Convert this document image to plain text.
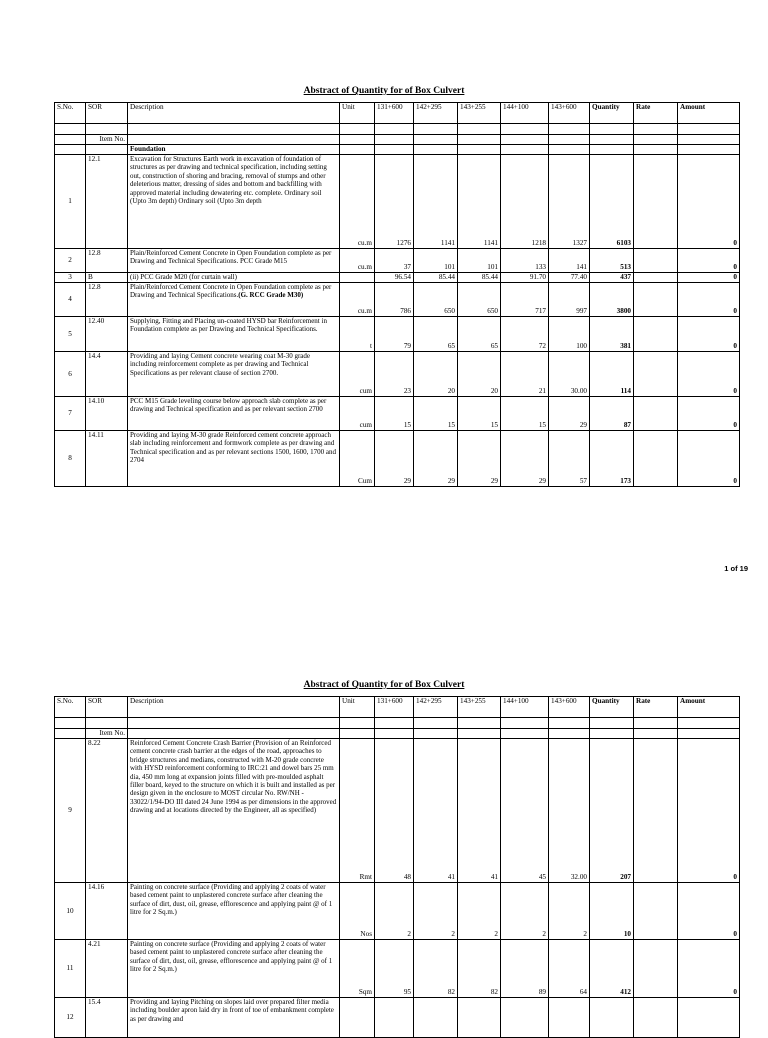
Abstract of Quantity for of Box Culvert
S.No.	SOR	Description	Unit	131+600	142+295	143+255	144+100	143+600	Quantity	Rate	Amount

	Item No.										
		Foundation									
1	12.1	Excavation for Structures Earth work in excavation of foundation of structures as per drawing and technical specification, including setting out, construction of shoring and bracing, removal of stumps and other deleterious matter, dressing of sides and bottom and backfilling with approved material including dewatering etc. complete. Ordinary soil (Upto 3m depth) Ordinary soil (Upto 3m depth	cu.m	1276	1141	1141	1218	1327	6103		0
2	12.8	Plain/Reinforced Cement Concrete in Open Foundation complete as per Drawing and Technical Specifications. PCC Grade M15	cu.m	37	101	101	133	141	513		0
3	B	(ii) PCC Grade M20 (for curtain wall)		96.54	85.44	85.44	91.70	77.40	437		0
4	12.8	Plain/Reinforced Cement Concrete in Open Foundation complete as per Drawing and Technical Specifications.(G. RCC Grade M30)	cu.m	786	650	650	717	997	3800		0
5	12.40	Supplying, Fitting and Placing un-coated HYSD bar Reinforcement in Foundation complete as per Drawing and Technical Specifications.	t	79	65	65	72	100	381		0
6	14.4	Providing and laying Cement concrete wearing coat M-30 grade including reinforcement complete as per drawing and Technical Specifications as per relevant clause of section 2700.	cum	23	20	20	21	30.00	114		0
7	14.10	PCC M15 Grade leveling course below approach slab complete as per drawing and Technical specification and as per relevant section 2700	cum	15	15	15	15	29	87		0
8	14.11	Providing and laying M-30 grade Reinforced cement concrete approach slab including reinforcement and formwork complete as per drawing and Technical specification and as per relevant sections 1500, 1600, 1700 and 2704	Cum	29	29	29	29	57	173		0
1 of 19
Abstract of Quantity for of Box Culvert
S.No.	SOR	Description	Unit	131+600	142+295	143+255	144+100	143+600	Quantity	Rate	Amount

	Item No.										
9	8.22	Reinforced Cement Concrete Crash Barrier (Provision of an Reinforced cement concrete crash barrier at the edges of the road, approaches to bridge structures and medians, constructed with M-20 grade concrete with HYSD reinforcement conforming to IRC:21 and dowel bars 25 mm dia, 450 mm long at expansion joints filled with pre-moulded asphalt filler board, keyed to the structure on which it is built and installed as per design given in the enclosure to MOST circular No. RW/NH - 33022/1/94-DO III dated 24 June 1994 as per dimensions in the approved drawing and at locations directed by the Engineer, all as specified)	Rmt	48	41	41	45	32.00	207		0
10	14.16	Painting on concrete surface (Providing and applying 2 coats of water based cement paint to unplastered concrete surface after cleaning the surface of dirt, dust, oil, grease, efflorescence and applying paint @ of 1 litre for 2 Sq.m.)	Nos	2	2	2	2	2	10		0
11	4.21	Painting on concrete surface (Providing and applying 2 coats of water based cement paint to unplastered concrete surface after cleaning the surface of dirt, dust, oil, grease, efflorescence and applying paint @ of 1 litre for 2 Sq.m.)	Sqm	95	82	82	89	64	412		0
12	15.4	Providing and laying Pitching on slopes laid over prepared filter media including boulder apron laid dry in front of toe of embankment complete as per drawing and									
